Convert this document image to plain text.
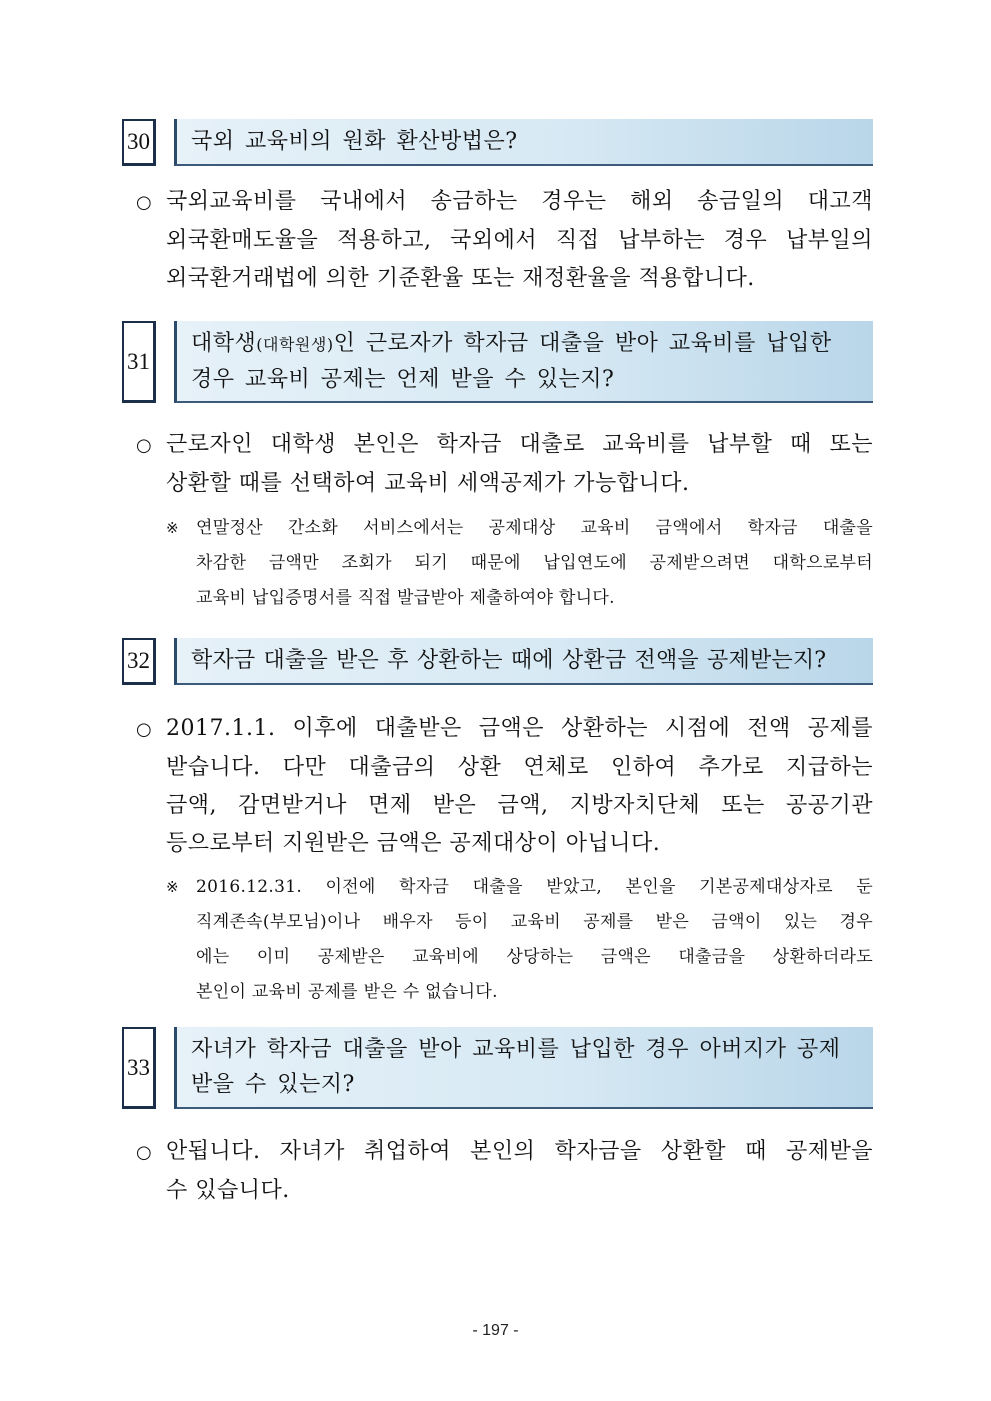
30 국외 교육비의 원화 환산방법은?
○ 국외교육비를 국내에서 송금하는 경우는 해외 송금일의 대고객
외국환매도율을 적용하고, 국외에서 직접 납부하는 경우 납부일의
외국환거래법에 의한 기준환율 또는 재정환율을 적용합니다.
31
대학생(대학원생)인 근로자가 학자금 대출을 받아 교육비를 납입한
경우 교육비 공제는 언제 받을 수 있는지?
○ 근로자인 대학생 본인은 학자금 대출로 교육비를 납부할 때 또는
상환할 때를 선택하여 교육비 세액공제가 가능합니다.
※ 연말정산 간소화 서비스에서는 공제대상 교육비 금액에서 학자금 대출을
차감한 금액만 조회가 되기 때문에 납입연도에 공제받으려면 대학으로부터
교육비 납입증명서를 직접 발급받아 제출하여야 합니다.
32 학자금 대출을 받은 후 상환하는 때에 상환금 전액을 공제받는지?
○ 2017.1.1. 이후에 대출받은 금액은 상환하는 시점에 전액 공제를
받습니다. 다만 대출금의 상환 연체로 인하여 추가로 지급하는
금액, 감면받거나 면제 받은 금액, 지방자치단체 또는 공공기관
등으로부터 지원받은 금액은 공제대상이 아닙니다.
※ 2016.12.31. 이전에 학자금 대출을 받았고, 본인을 기본공제대상자로 둔
직계존속(부모님)이나 배우자 등이 교육비 공제를 받은 금액이 있는 경우
에는 이미 공제받은 교육비에 상당하는 금액은 대출금을 상환하더라도
본인이 교육비 공제를 받은 수 없습니다.
33
자녀가 학자금 대출을 받아 교육비를 납입한 경우 아버지가 공제
받을 수 있는지?
○ 안됩니다. 자녀가 취업하여 본인의 학자금을 상환할 때 공제받을
수 있습니다.
- 197 -
